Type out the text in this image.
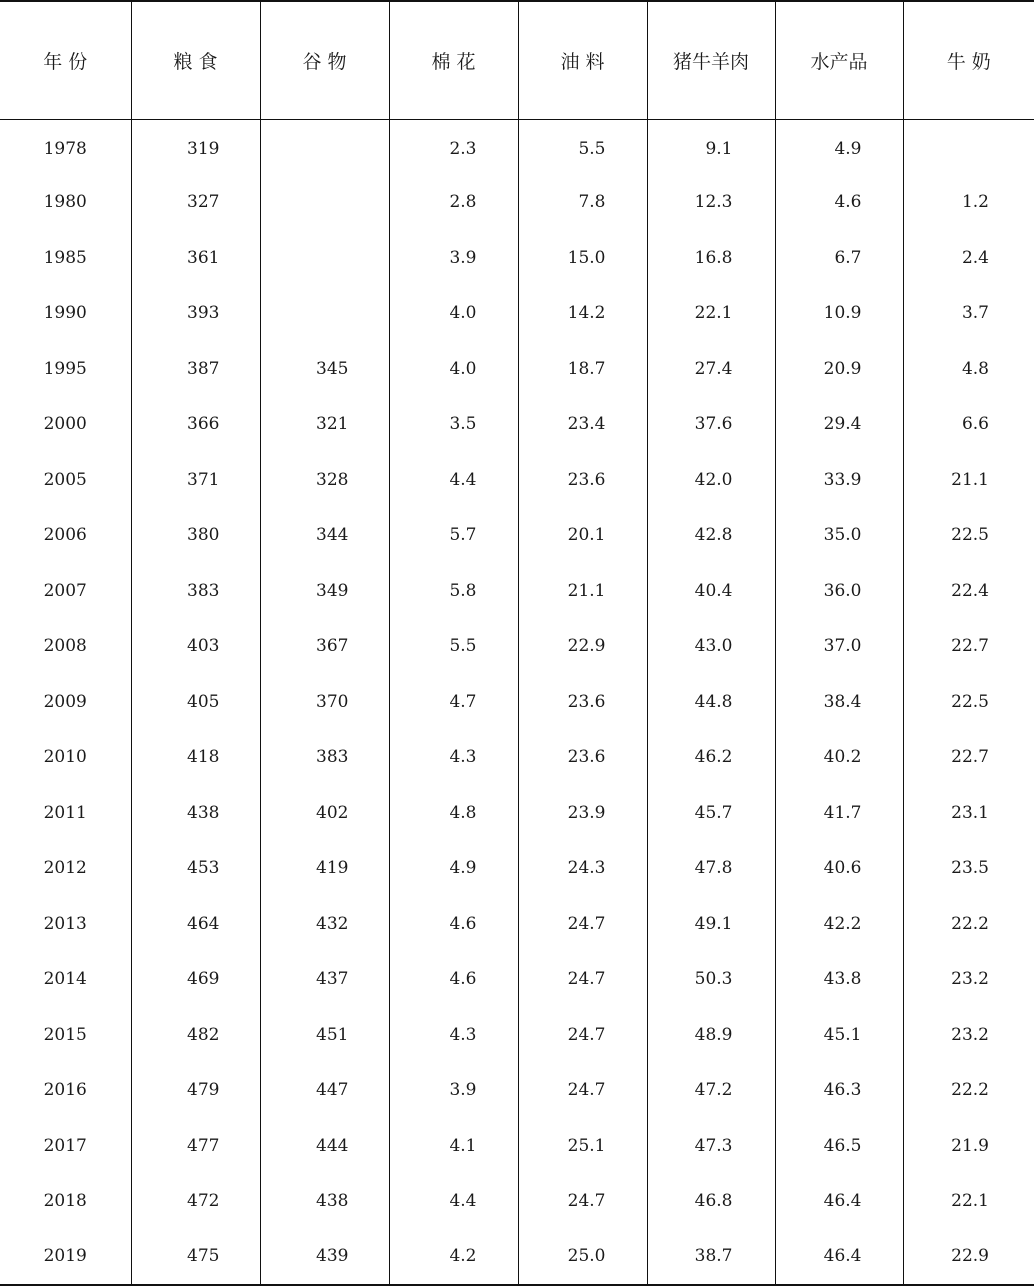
年 份	粮 食	谷 物	棉 花	油 料	猪牛羊肉	水产品	牛 奶
1978	319		2.3	5.5	9.1	4.9	
1980	327		2.8	7.8	12.3	4.6	1.2
1985	361		3.9	15.0	16.8	6.7	2.4
1990	393		4.0	14.2	22.1	10.9	3.7
1995	387	345	4.0	18.7	27.4	20.9	4.8
2000	366	321	3.5	23.4	37.6	29.4	6.6
2005	371	328	4.4	23.6	42.0	33.9	21.1
2006	380	344	5.7	20.1	42.8	35.0	22.5
2007	383	349	5.8	21.1	40.4	36.0	22.4
2008	403	367	5.5	22.9	43.0	37.0	22.7
2009	405	370	4.7	23.6	44.8	38.4	22.5
2010	418	383	4.3	23.6	46.2	40.2	22.7
2011	438	402	4.8	23.9	45.7	41.7	23.1
2012	453	419	4.9	24.3	47.8	40.6	23.5
2013	464	432	4.6	24.7	49.1	42.2	22.2
2014	469	437	4.6	24.7	50.3	43.8	23.2
2015	482	451	4.3	24.7	48.9	45.1	23.2
2016	479	447	3.9	24.7	47.2	46.3	22.2
2017	477	444	4.1	25.1	47.3	46.5	21.9
2018	472	438	4.4	24.7	46.8	46.4	22.1
2019	475	439	4.2	25.0	38.7	46.4	22.9
